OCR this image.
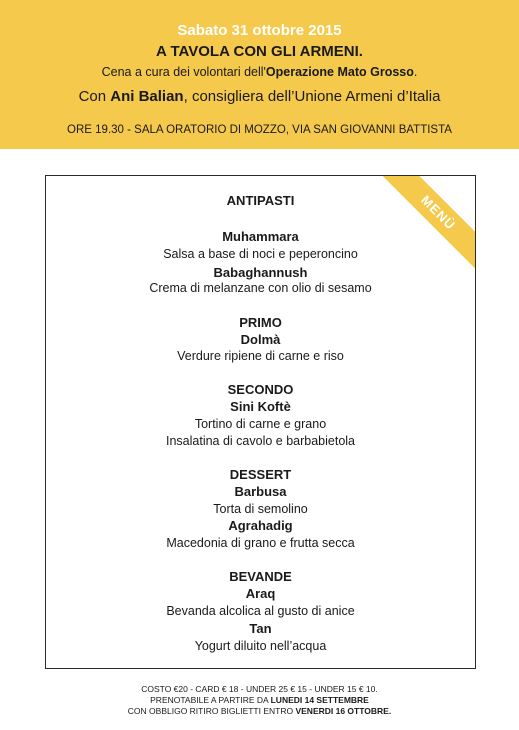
Sabato 31 ottobre 2015
A TAVOLA CON GLI ARMENI.
Cena a cura dei volontari dell'Operazione Mato Grosso.
Con Ani Balian, consigliera dell’Unione Armeni d’Italia
ORE 19.30 - SALA ORATORIO DI MOZZO, VIA SAN GIOVANNI BATTISTA
MENÙ
ANTIPASTI
Muhammara
Salsa a base di noci e peperoncino
Babaghannush
Crema di melanzane con olio di sesamo
PRIMO
Dolmà
Verdure ripiene di carne e riso
SECONDO
Sini Koftè
Tortino di carne e grano
Insalatina di cavolo e barbabietola
DESSERT
Barbusa
Torta di semolino
Agrahadig
Macedonia di grano e frutta secca
BEVANDE
Araq
Bevanda alcolica al gusto di anice
Tan
Yogurt diluito nell’acqua
COSTO €20 - CARD € 18 - UNDER 25 € 15 - UNDER 15 € 10.
PRENOTABILE A PARTIRE DA LUNEDI 14 SETTEMBRE
CON OBBLIGO RITIRO BIGLIETTI ENTRO VENERDI 16 OTTOBRE.
